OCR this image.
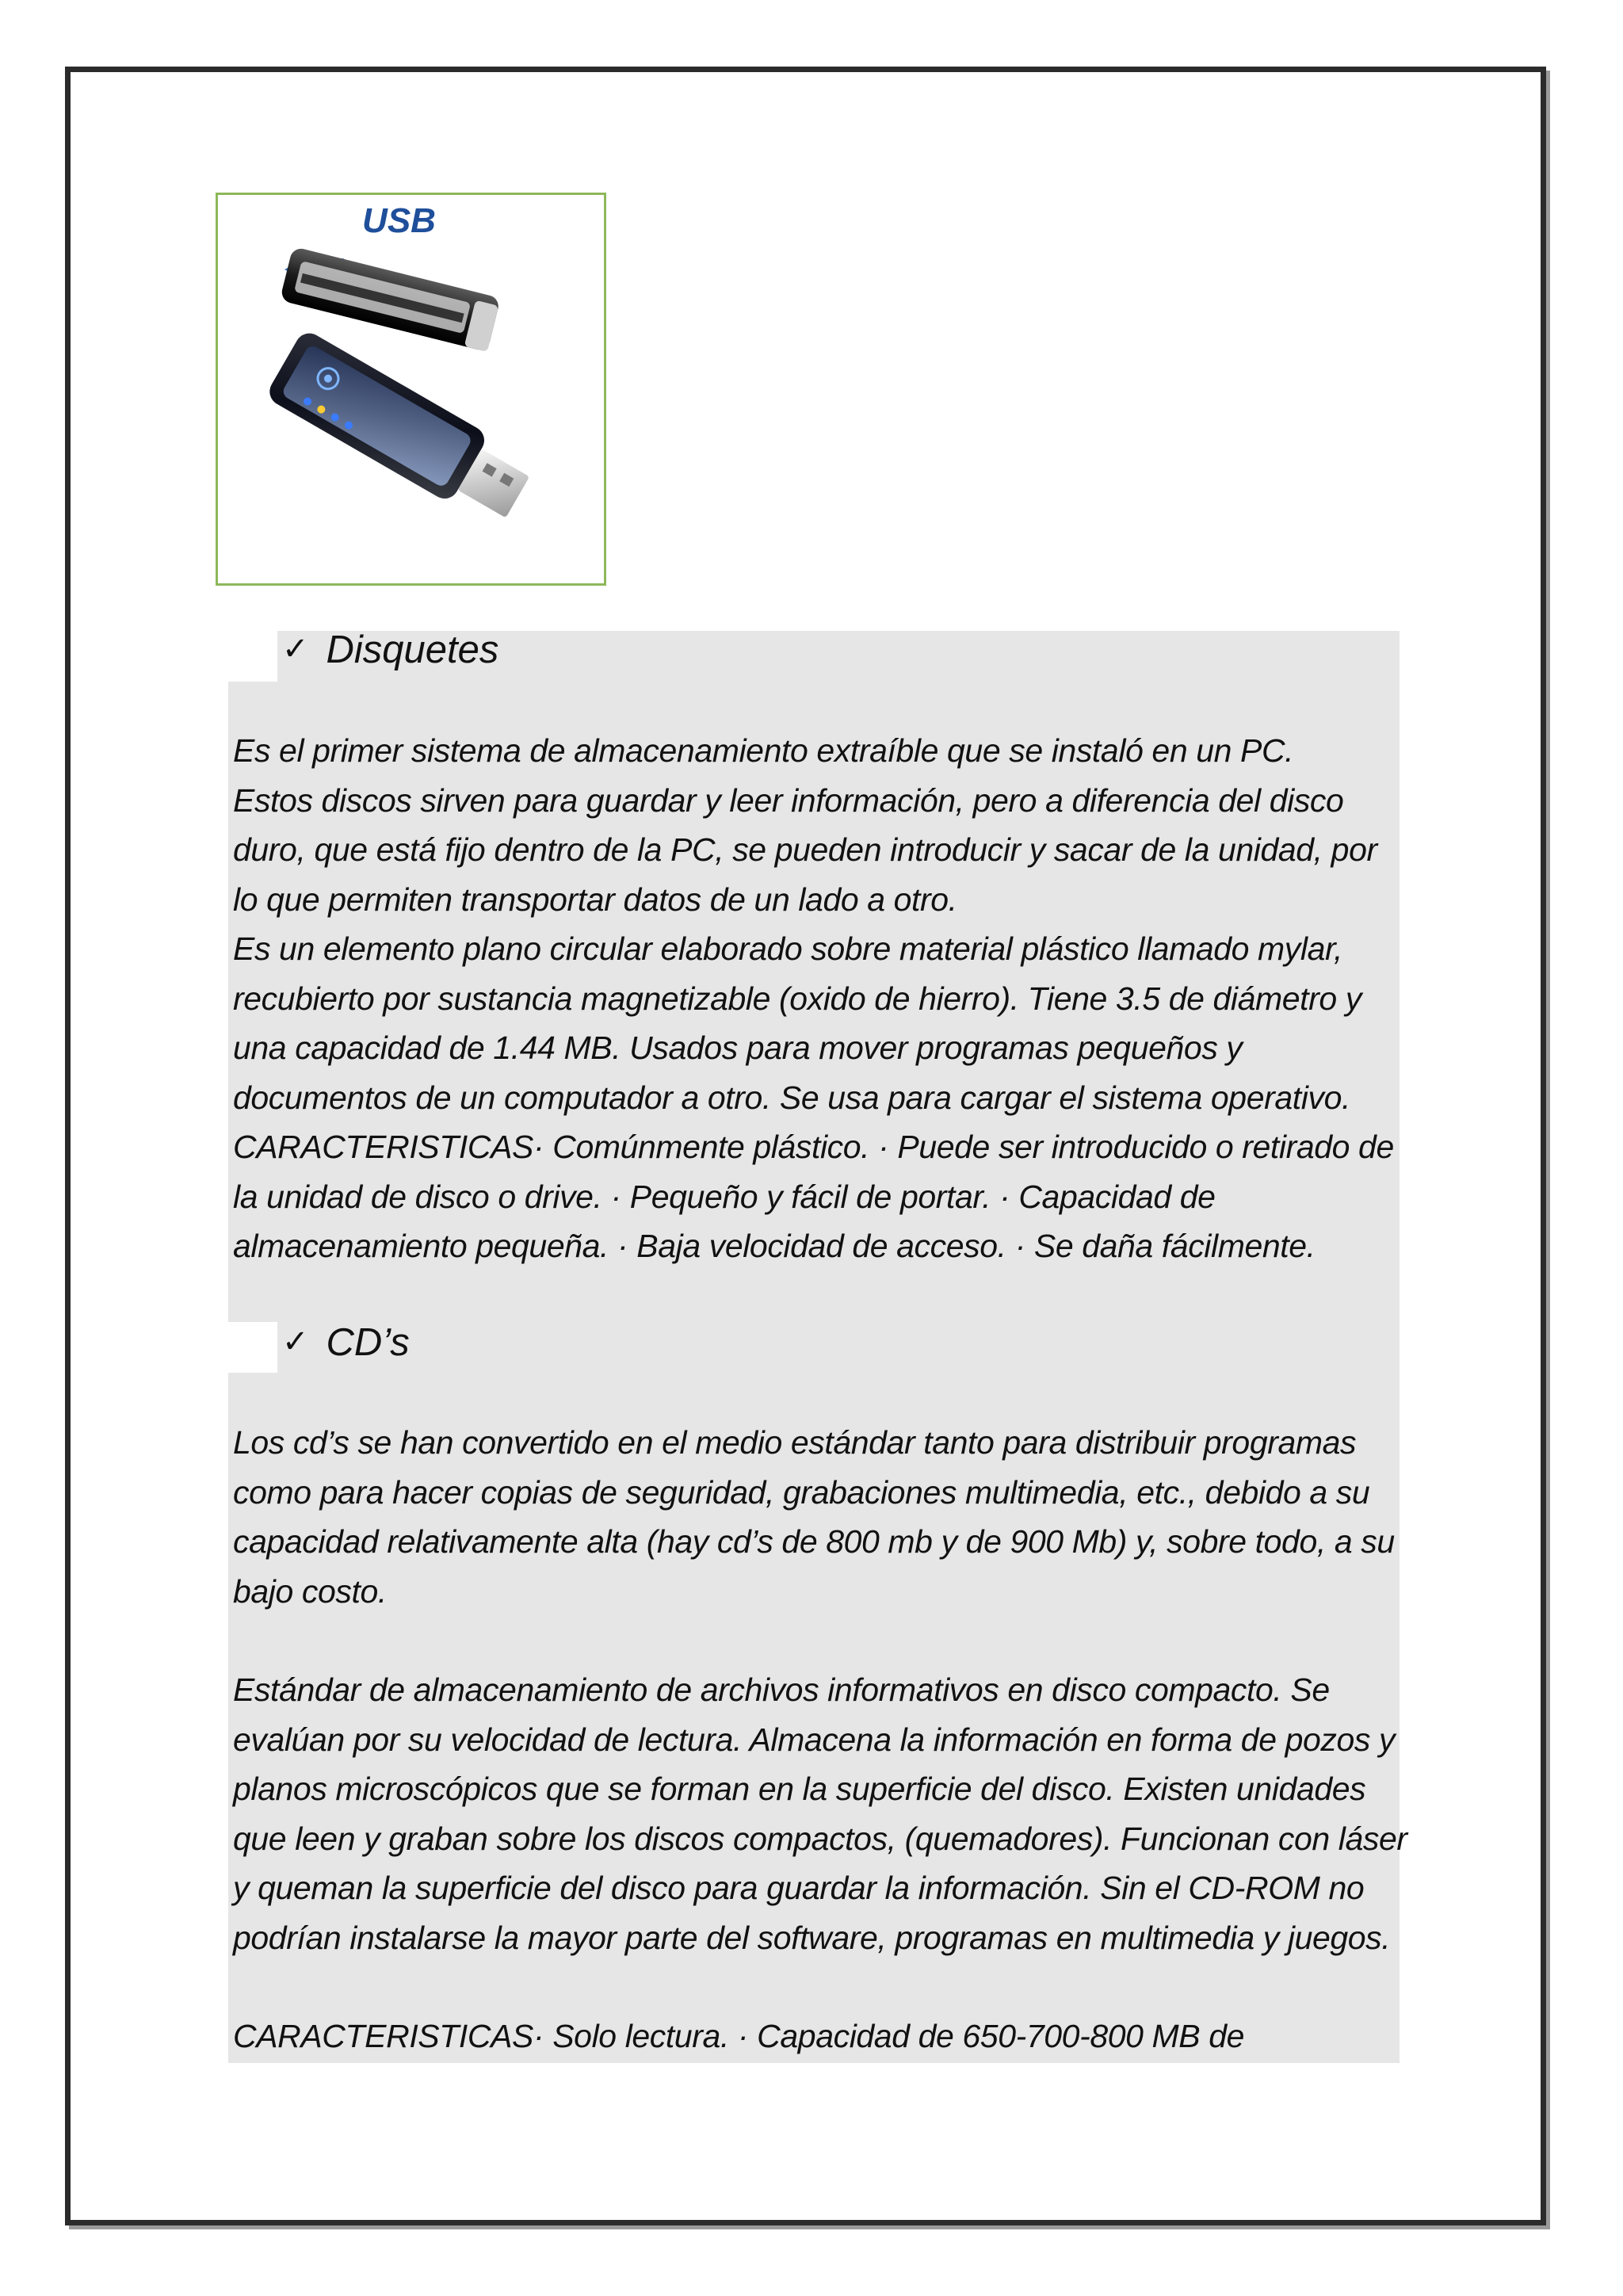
USB
✓ Disquetes
Es el primer sistema de almacenamiento extraíble que se instaló en un PC.
Estos discos sirven para guardar y leer información, pero a diferencia del disco
duro, que está fijo dentro de la PC, se pueden introducir y sacar de la unidad, por
lo que permiten transportar datos de un lado a otro.
Es un elemento plano circular elaborado sobre material plástico llamado mylar,
recubierto por sustancia magnetizable (oxido de hierro). Tiene 3.5 de diámetro y
una capacidad de 1.44 MB. Usados para mover programas pequeños y
documentos de un computador a otro. Se usa para cargar el sistema operativo.
CARACTERISTICAS· Comúnmente plástico. · Puede ser introducido o retirado de
la unidad de disco o drive. · Pequeño y fácil de portar. · Capacidad de
almacenamiento pequeña. · Baja velocidad de acceso. · Se daña fácilmente.
✓ CD’s
Los cd’s se han convertido en el medio estándar tanto para distribuir programas
como para hacer copias de seguridad, grabaciones multimedia, etc., debido a su
capacidad relativamente alta (hay cd’s de 800 mb y de 900 Mb) y, sobre todo, a su
bajo costo.
Estándar de almacenamiento de archivos informativos en disco compacto. Se
evalúan por su velocidad de lectura. Almacena la información en forma de pozos y
planos microscópicos que se forman en la superficie del disco. Existen unidades
que leen y graban sobre los discos compactos, (quemadores). Funcionan con láser
y queman la superficie del disco para guardar la información. Sin el CD-ROM no
podrían instalarse la mayor parte del software, programas en multimedia y juegos.
CARACTERISTICAS· Solo lectura. · Capacidad de 650-700-800 MB de
